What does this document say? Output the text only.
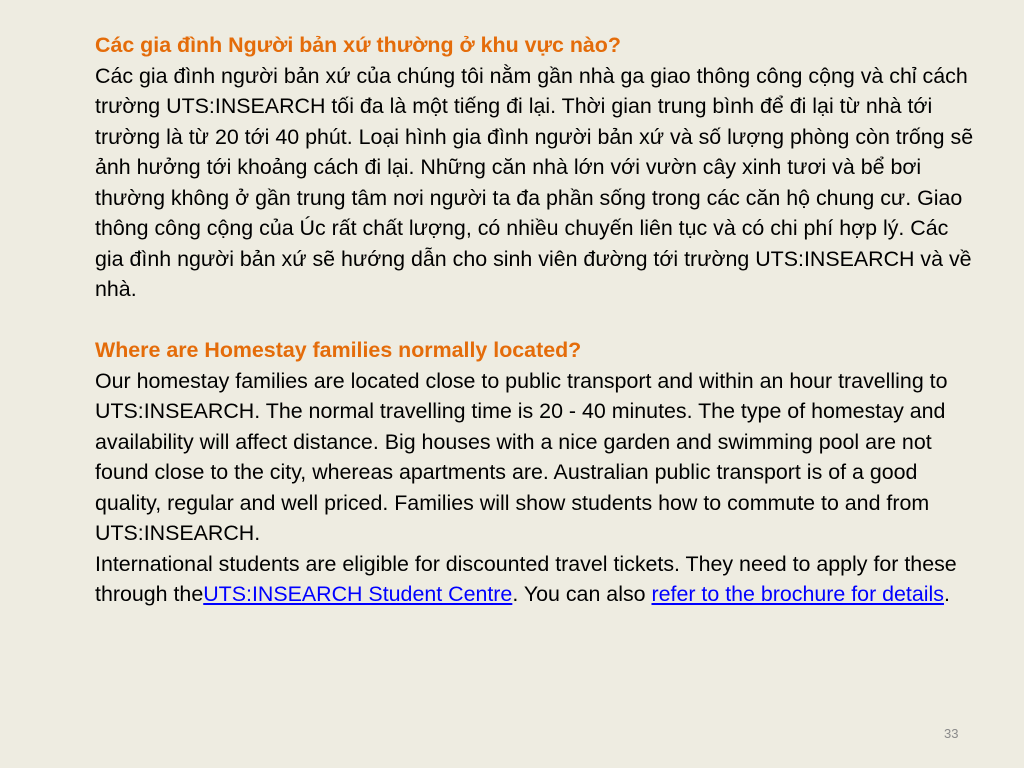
Các gia đình Người bản xứ thường ở khu vực nào?

Các gia đình người bản xứ của chúng tôi nằm gần nhà ga giao thông công cộng và chỉ cách trường UTS:INSEARCH tối đa là một tiếng đi lại. Thời gian trung bình để đi lại từ nhà tới trường là từ 20 tới 40 phút. Loại hình gia đình người bản xứ và số lượng phòng còn trống sẽ ảnh hưởng tới khoảng cách đi lại. Những căn nhà lớn với vườn cây xinh tươi và bể bơi thường không ở gần trung tâm nơi người ta đa phần sống trong các căn hộ chung cư. Giao thông công cộng của Úc rất chất lượng, có nhiều chuyến liên tục và có chi phí hợp lý. Các gia đình người bản xứ sẽ hướng dẫn cho sinh viên đường tới trường UTS:INSEARCH và về nhà.

Where are Homestay families normally located?

Our homestay families are located close to public transport and within an hour travelling to UTS:INSEARCH. The normal travelling time is 20 - 40 minutes. The type of homestay and availability will affect distance. Big houses with a nice garden and swimming pool are not found close to the city, whereas apartments are. Australian public transport is of a good quality, regular and well priced. Families will show students how to commute to and from UTS:INSEARCH.

International students are eligible for discounted travel tickets. They need to apply for these through theUTS:INSEARCH Student Centre. You can also refer to the brochure for details.

33
